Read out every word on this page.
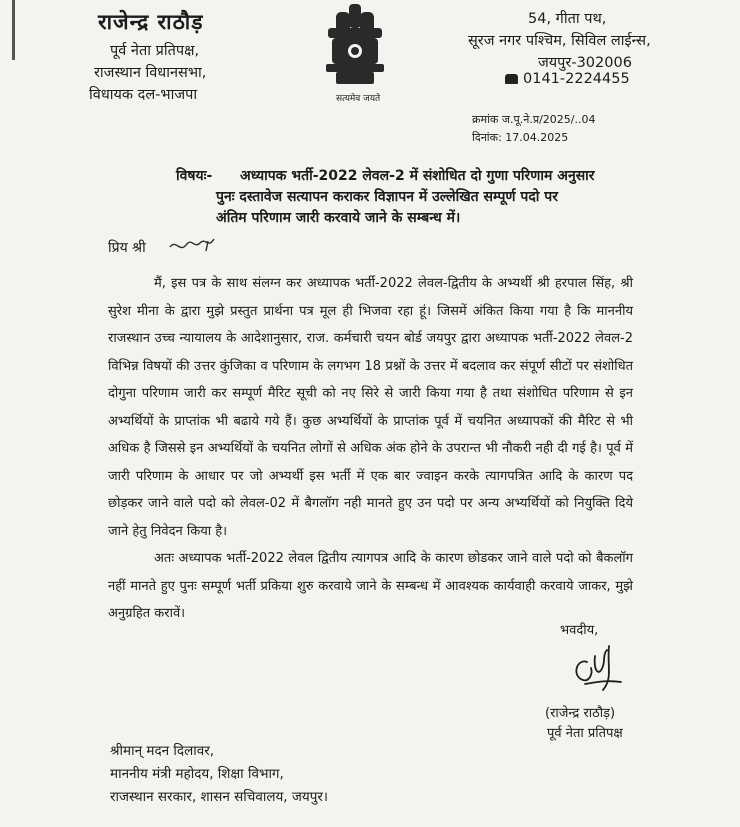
राजेन्द्र राठौड़
पूर्व नेता प्रतिपक्ष,
राजस्थान विधानसभा,
विधायक दल-भाजपा	सत्यमेव जयते
54, गीता पथ,
सूरज नगर पश्चिम, सिविल लाईन्स,
जयपुर-302006
0141-2224455
क्रमांक ज.पू.ने.प्र/2025/..04
दिनांक: 17.04.2025
विषयः- अध्यापक भर्ती-2022 लेवल-2 में संशोधित दो गुणा परिणाम अनुसार
पुनः दस्तावेज सत्यापन कराकर विज्ञापन में उल्लेखित सम्पूर्ण पदो पर
अंतिम परिणाम जारी करवाये जाने के सम्बन्ध में।
प्रिय श्री

मैं, इस पत्र के साथ संलग्न कर अध्यापक भर्ती-2022 लेवल-द्वितीय के अभ्यर्थी श्री हरपाल सिंह, श्री सुरेश मीना के द्वारा मुझे प्रस्तुत प्रार्थना पत्र मूल ही भिजवा रहा हूं। जिसमें अंकित किया गया है कि माननीय राजस्थान उच्च न्यायालय के आदेशानुसार, राज. कर्मचारी चयन बोर्ड जयपुर द्वारा अध्यापक भर्ती-2022 लेवल-2 विभिन्न विषयों की उत्तर कुंजिका व परिणाम के लगभग 18 प्रश्नों के उत्तर में बदलाव कर संपूर्ण सीटों पर संशोधित दोगुना परिणाम जारी कर सम्पूर्ण मैरिट सूची को नए सिरे से जारी किया गया है तथा संशोधित परिणाम से इन अभ्यर्थियों के प्राप्तांक भी बढाये गये हैं। कुछ अभ्यर्थियों के प्राप्तांक पूर्व में चयनित अध्यापकों की मैरिट से भी अधिक है जिससे इन अभ्यर्थियों के चयनित लोगों से अधिक अंक होने के उपरान्त भी नौकरी नही दी गई है। पूर्व में जारी परिणाम के आधार पर जो अभ्यर्थी इस भर्ती में एक बार ज्वाइन करके त्यागपत्रित आदि के कारण पद छोड़कर जाने वाले पदो को लेवल-02 में बैगलॉग नही मानते हुए उन पदो पर अन्य अभ्यर्थियों को नियुक्ति दिये जाने हेतु निवेदन किया है।

अतः अध्यापक भर्ती-2022 लेवल द्वितीय त्यागपत्र आदि के कारण छोडकर जाने वाले पदो को बैकलॉग नहीं मानते हुए पुनः सम्पूर्ण भर्ती प्रकिया शुरु करवाये जाने के सम्बन्ध में आवश्यक कार्यवाही करवाये जाकर, मुझे अनुग्रहित करावें।

भवदीय,
(राजेन्द्र राठौड़)
पूर्व नेता प्रतिपक्ष
श्रीमान् मदन दिलावर,
माननीय मंत्री महोदय, शिक्षा विभाग,
राजस्थान सरकार, शासन सचिवालय, जयपुर।
